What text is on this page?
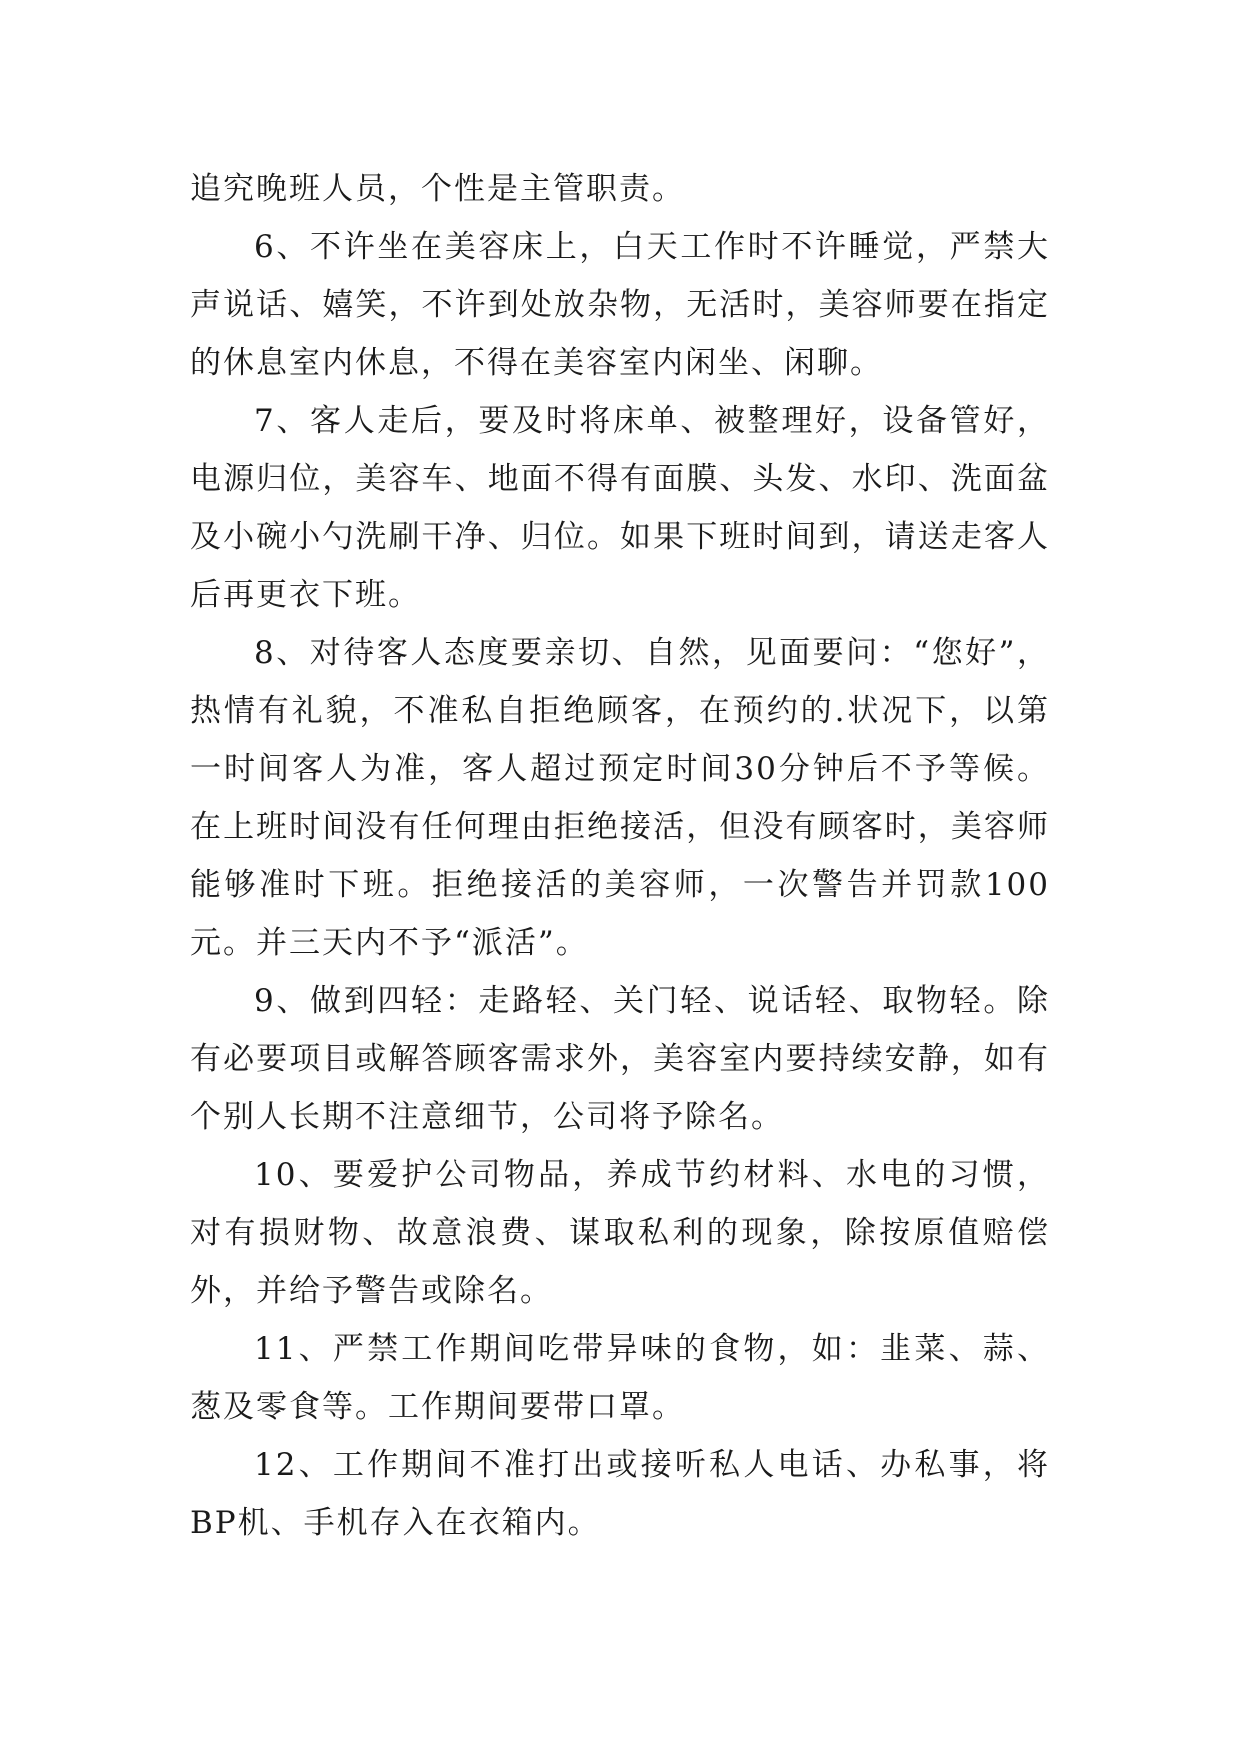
追究晚班人员，个性是主管职责。

6、不许坐在美容床上，白天工作时不许睡觉，严禁大声说话、嬉笑，不许到处放杂物，无活时，美容师要在指定的休息室内休息，不得在美容室内闲坐、闲聊。

7、客人走后，要及时将床单、被整理好，设备管好，电源归位，美容车、地面不得有面膜、头发、水印、洗面盆及小碗小勺洗刷干净、归位。如果下班时间到，请送走客人后再更衣下班。

8、对待客人态度要亲切、自然，见面要问：“您好”，热情有礼貌，不准私自拒绝顾客，在预约的.状况下，以第一时间客人为准，客人超过预定时间30分钟后不予等候。在上班时间没有任何理由拒绝接活，但没有顾客时，美容师能够准时下班。拒绝接活的美容师，一次警告并罚款100元。并三天内不予“派活”。

9、做到四轻：走路轻、关门轻、说话轻、取物轻。除有必要项目或解答顾客需求外，美容室内要持续安静，如有个别人长期不注意细节，公司将予除名。

10、要爱护公司物品，养成节约材料、水电的习惯，对有损财物、故意浪费、谋取私利的现象，除按原值赔偿外，并给予警告或除名。

11、严禁工作期间吃带异味的食物，如：韭菜、蒜、葱及零食等。工作期间要带口罩。

12、工作期间不准打出或接听私人电话、办私事，将BP机、手机存入在衣箱内。
